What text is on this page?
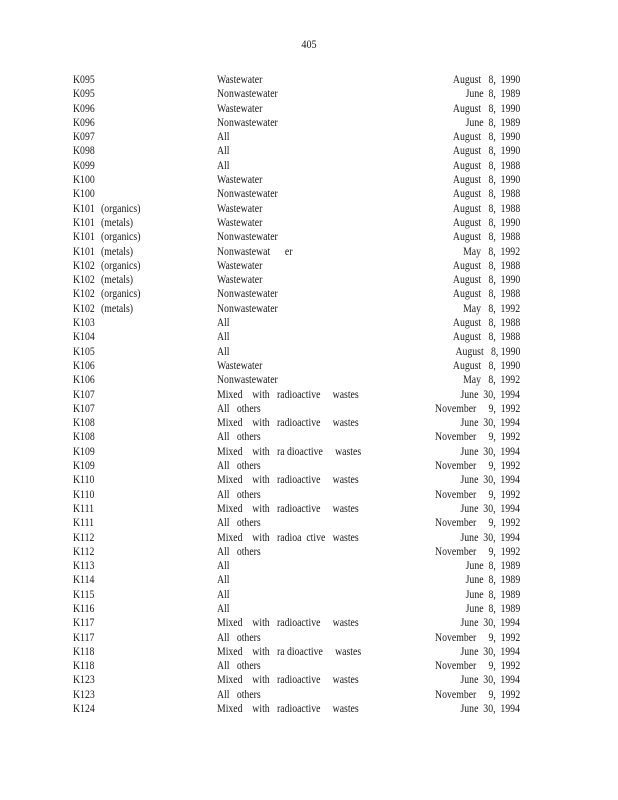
405
K095	Wastewater	August   8,  1990
K095	Nonwastewater	June  8,  1989
K096	Wastewater	August   8,  1990
K096	Nonwastewater	June  8,  1989
K097	All	August   8,  1990
K098	All	August   8,  1990
K099	All	August   8,  1988
K100	Wastewater	August   8,  1990
K100	Nonwastewater	August   8,  1988
K101 (organics)	Wastewater	August   8,  1988
K101 (metals)	Wastewater	August   8,  1990
K101 (organics)	Nonwastewater	August   8,  1988
K101 (metals)	Nonwastewat      er	May   8,  1992
K102 (organics)	Wastewater	August   8,  1988
K102 (metals)	Wastewater	August   8,  1990
K102 (organics)	Nonwastewater	August   8,  1988
K102 (metals)	Nonwastewater	May   8,  1992
K103	All	August   8,  1988
K104	All	August   8,  1988
K105	All	August   8, 1990
K106	Wastewater	August   8,  1990
K106	Nonwastewater	May   8,  1992
K107	Mixed    with   radioactive     wastes	June  30,  1994
K107	All   others	November     9,  1992
K108	Mixed    with   radioactive     wastes	June  30,  1994
K108	All   others	November     9,  1992
K109	Mixed    with   ra dioactive     wastes	June  30,  1994
K109	All   others	November     9,  1992
K110	Mixed    with   radioactive     wastes	June  30,  1994
K110	All   others	November     9,  1992
K111	Mixed    with   radioactive     wastes	June  30,  1994
K111	All   others	November     9,  1992
K112	Mixed    with   radioa  ctive   wastes	June  30,  1994
K112	All   others	November     9,  1992
K113	All	June  8,  1989
K114	All	June  8,  1989
K115	All	June  8,  1989
K116	All	June  8,  1989
K117	Mixed    with   radioactive     wastes	June  30,  1994
K117	All   others	November     9,  1992
K118	Mixed    with   ra dioactive     wastes	June  30,  1994
K118	All   others	November     9,  1992
K123	Mixed    with   radioactive     wastes	June  30,  1994
K123	All   others	November     9,  1992
K124	Mixed    with   radioactive     wastes	June  30,  1994
